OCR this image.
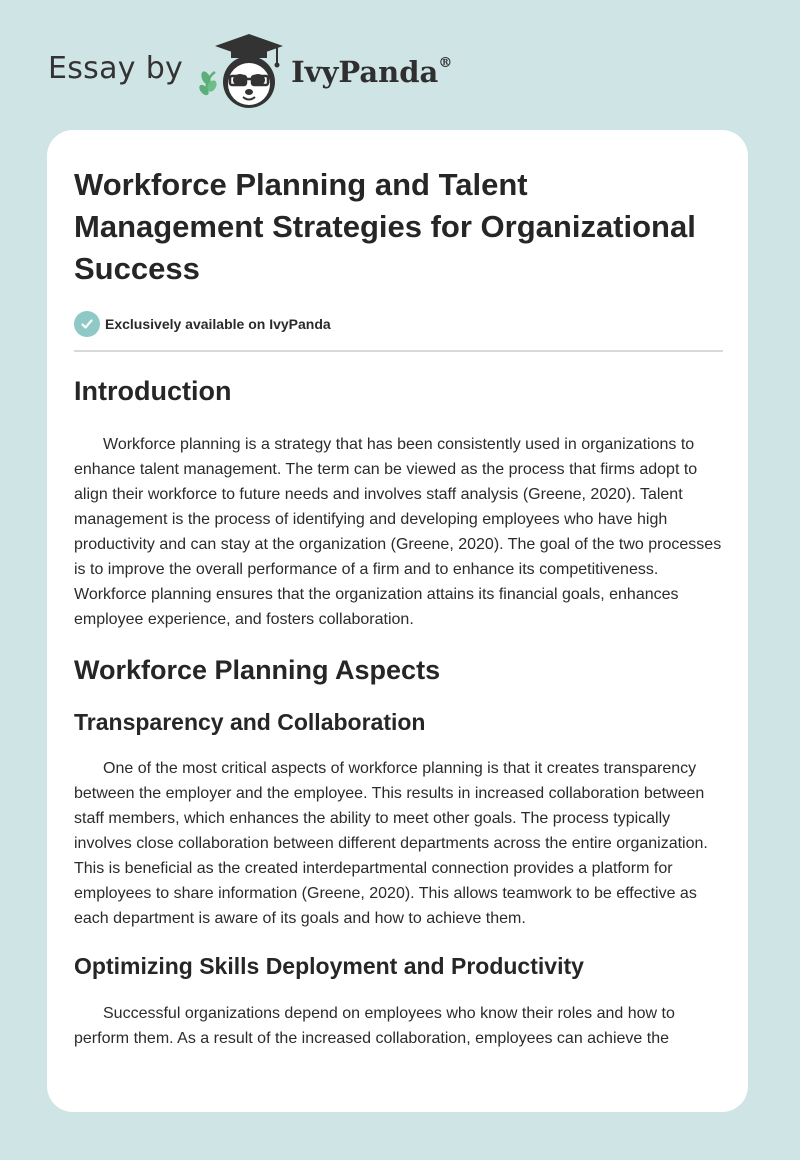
Essay by	IvyPanda®
Workforce Planning and Talent Management Strategies for Organizational Success
Exclusively available on IvyPanda
Introduction

Workforce planning is a strategy that has been consistently used in organizations to enhance talent management. The term can be viewed as the process that firms adopt to align their workforce to future needs and involves staff analysis (Greene, 2020). Talent management is the process of identifying and developing employees who have high productivity and can stay at the organization (Greene, 2020). The goal of the two processes is to improve the overall performance of a firm and to enhance its competitiveness. Workforce planning ensures that the organization attains its financial goals, enhances employee experience, and fosters collaboration.

Workforce Planning Aspects
Transparency and Collaboration

One of the most critical aspects of workforce planning is that it creates transparency between the employer and the employee. This results in increased collaboration between staff members, which enhances the ability to meet other goals. The process typically involves close collaboration between different departments across the entire organization. This is beneficial as the created interdepartmental connection provides a platform for employees to share information (Greene, 2020). This allows teamwork to be effective as each department is aware of its goals and how to achieve them.

Optimizing Skills Deployment and Productivity

Successful organizations depend on employees who know their roles and how to perform them. As a result of the increased collaboration, employees can achieve the
